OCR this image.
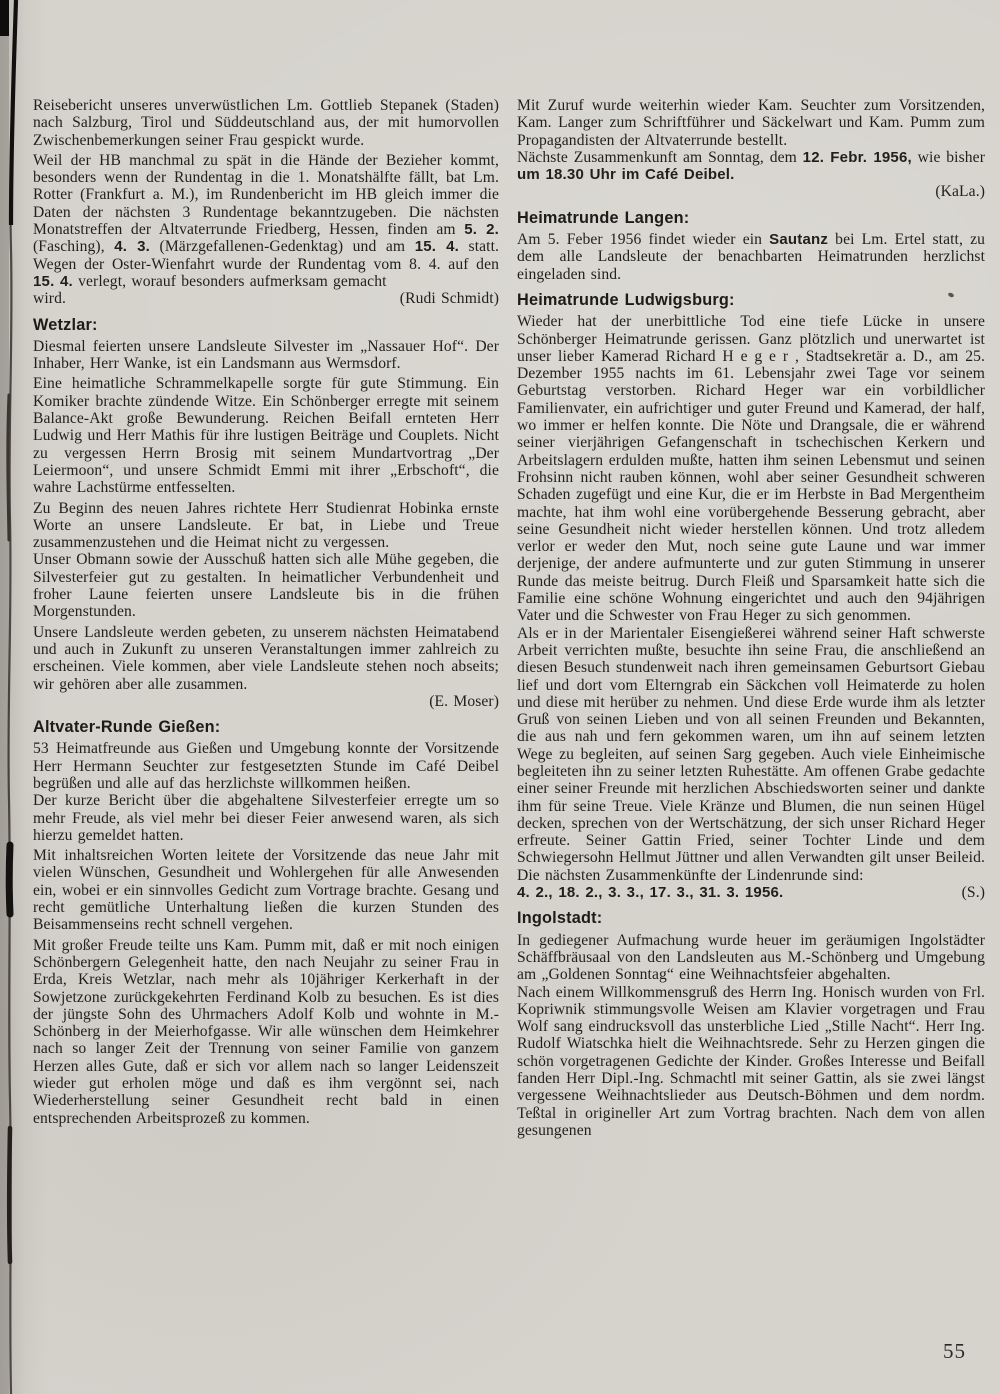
Reisebericht unseres unverwüstlichen Lm. Gottlieb Stepanek (Staden) nach Salzburg, Tirol und Süddeutschland aus, der mit humorvollen Zwischenbemerkungen seiner Frau gespickt wurde.

Weil der HB manchmal zu spät in die Hände der Bezieher kommt, besonders wenn der Rundentag in die 1. Monatshälfte fällt, bat Lm. Rotter (Frankfurt a. M.), im Rundenbericht im HB gleich immer die Daten der nächsten 3 Rundentage bekanntzugeben. Die nächsten Monatstreffen der Altvaterrunde Friedberg, Hessen, finden am 5. 2. (Fasching), 4. 3. (Märzgefallenen-Gedenktag) und am 15. 4. statt. Wegen der Oster-Wienfahrt wurde der Rundentag vom 8. 4. auf den 15. 4. verlegt, worauf besonders aufmerksam gemacht

wird.	(Rudi Schmidt)
Wetzlar:

Diesmal feierten unsere Landsleute Silvester im „Nassauer Hof“. Der Inhaber, Herr Wanke, ist ein Landsmann aus Wermsdorf.

Eine heimatliche Schrammelkapelle sorgte für gute Stimmung. Ein Komiker brachte zündende Witze. Ein Schönberger erregte mit seinem Balance-Akt große Bewunderung. Reichen Beifall ernteten Herr Ludwig und Herr Mathis für ihre lustigen Beiträge und Couplets. Nicht zu vergessen Herrn Brosig mit seinem Mundartvortrag „Der Leiermoon“, und unsere Schmidt Emmi mit ihrer „Erbschoft“, die wahre Lachstürme entfesselten.

Zu Beginn des neuen Jahres richtete Herr Studienrat Hobinka ernste Worte an unsere Landsleute. Er bat, in Liebe und Treue zusammenzustehen und die Heimat nicht zu vergessen.

Unser Obmann sowie der Ausschuß hatten sich alle Mühe gegeben, die Silvesterfeier gut zu gestalten. In heimatlicher Verbundenheit und froher Laune feierten unsere Landsleute bis in die frühen Morgenstunden.

Unsere Landsleute werden gebeten, zu unserem nächsten Heimatabend und auch in Zukunft zu unseren Veranstaltungen immer zahlreich zu erscheinen. Viele kommen, aber viele Landsleute stehen noch abseits; wir gehören aber alle zusammen.

(E. Moser)
Altvater-Runde Gießen:

53 Heimatfreunde aus Gießen und Umgebung konnte der Vorsitzende Herr Hermann Seuchter zur festgesetzten Stunde im Café Deibel begrüßen und alle auf das herzlichste willkommen heißen.

Der kurze Bericht über die abgehaltene Silvesterfeier erregte um so mehr Freude, als viel mehr bei dieser Feier anwesend waren, als sich hierzu gemeldet hatten.

Mit inhaltsreichen Worten leitete der Vorsitzende das neue Jahr mit vielen Wünschen, Gesundheit und Wohlergehen für alle Anwesenden ein, wobei er ein sinnvolles Gedicht zum Vortrage brachte. Gesang und recht gemütliche Unterhaltung ließen die kurzen Stunden des Beisammenseins recht schnell vergehen.

Mit großer Freude teilte uns Kam. Pumm mit, daß er mit noch einigen Schönbergern Gelegenheit hatte, den nach Neujahr zu seiner Frau in Erda, Kreis Wetzlar, nach mehr als 10jähriger Kerkerhaft in der Sowjetzone zurückgekehrten Ferdinand Kolb zu besuchen. Es ist dies der jüngste Sohn des Uhrmachers Adolf Kolb und wohnte in M.-Schönberg in der Meierhofgasse. Wir alle wünschen dem Heimkehrer nach so langer Zeit der Trennung von seiner Familie von ganzem Herzen alles Gute, daß er sich vor allem nach so langer Leidenszeit wieder gut erholen möge und daß es ihm vergönnt sei, nach Wiederherstellung seiner Gesundheit recht bald in einen entsprechenden Arbeitsprozeß zu kommen.

Mit Zuruf wurde weiterhin wieder Kam. Seuchter zum Vorsitzenden, Kam. Langer zum Schriftführer und Säckelwart und Kam. Pumm zum Propagandisten der Altvaterrunde bestellt.

Nächste Zusammenkunft am Sonntag, dem 12. Febr. 1956, wie bisher um 18.30 Uhr im Café Deibel.

(KaLa.)
Heimatrunde Langen:

Am 5. Feber 1956 findet wieder ein Sautanz bei Lm. Ertel statt, zu dem alle Landsleute der benachbarten Heimatrunden herzlichst eingeladen sind.

Heimatrunde Ludwigsburg:

Wieder hat der unerbittliche Tod eine tiefe Lücke in unsere Schönberger Heimatrunde gerissen. Ganz plötzlich und unerwartet ist unser lieber Kamerad Richard H e g e r , Stadtsekretär a. D., am 25. Dezember 1955 nachts im 61. Lebensjahr zwei Tage vor seinem Geburtstag verstorben. Richard Heger war ein vorbildlicher Familienvater, ein aufrichtiger und guter Freund und Kamerad, der half, wo immer er helfen konnte. Die Nöte und Drangsale, die er während seiner vierjährigen Gefangenschaft in tschechischen Kerkern und Arbeitslagern erdulden mußte, hatten ihm seinen Lebensmut und seinen Frohsinn nicht rauben können, wohl aber seiner Gesundheit schweren Schaden zugefügt und eine Kur, die er im Herbste in Bad Mergentheim machte, hat ihm wohl eine vorübergehende Besserung gebracht, aber seine Gesundheit nicht wieder herstellen können. Und trotz alledem verlor er weder den Mut, noch seine gute Laune und war immer derjenige, der andere aufmunterte und zur guten Stimmung in unserer Runde das meiste beitrug. Durch Fleiß und Sparsamkeit hatte sich die Familie eine schöne Wohnung eingerichtet und auch den 94jährigen Vater und die Schwester von Frau Heger zu sich genommen.

Als er in der Marientaler Eisengießerei während seiner Haft schwerste Arbeit verrichten mußte, besuchte ihn seine Frau, die anschließend an diesen Besuch stundenweit nach ihren gemeinsamen Geburtsort Giebau lief und dort vom Elterngrab ein Säckchen voll Heimaterde zu holen und diese mit herüber zu nehmen. Und diese Erde wurde ihm als letzter Gruß von seinen Lieben und von all seinen Freunden und Bekannten, die aus nah und fern gekommen waren, um ihn auf seinem letzten Wege zu begleiten, auf seinen Sarg gegeben. Auch viele Einheimische begleiteten ihn zu seiner letzten Ruhestätte. Am offenen Grabe gedachte einer seiner Freunde mit herzlichen Abschiedsworten seiner und dankte ihm für seine Treue. Viele Kränze und Blumen, die nun seinen Hügel decken, sprechen von der Wertschätzung, der sich unser Richard Heger erfreute. Seiner Gattin Fried, seiner Tochter Linde und dem Schwiegersohn Hellmut Jüttner und allen Verwandten gilt unser Beileid.

Die nächsten Zusammenkünfte der Lindenrunde sind:

4. 2., 18. 2., 3. 3., 17. 3., 31. 3. 1956.	(S.)
Ingolstadt:

In gediegener Aufmachung wurde heuer im geräumigen Ingolstädter Schäffbräusaal von den Landsleuten aus M.-Schönberg und Umgebung am „Goldenen Sonntag“ eine Weihnachtsfeier abgehalten.

Nach einem Willkommensgruß des Herrn Ing. Honisch wurden von Frl. Kopriwnik stimmungsvolle Weisen am Klavier vorgetragen und Frau Wolf sang eindrucksvoll das unsterbliche Lied „Stille Nacht“. Herr Ing. Rudolf Wiatschka hielt die Weihnachtsrede. Sehr zu Herzen gingen die schön vorgetragenen Gedichte der Kinder. Großes Interesse und Beifall fanden Herr Dipl.-Ing. Schmachtl mit seiner Gattin, als sie zwei längst vergessene Weihnachtslieder aus Deutsch-Böhmen und dem nordm. Teßtal in origineller Art zum Vortrag brachten. Nach dem von allen gesungenen

55
